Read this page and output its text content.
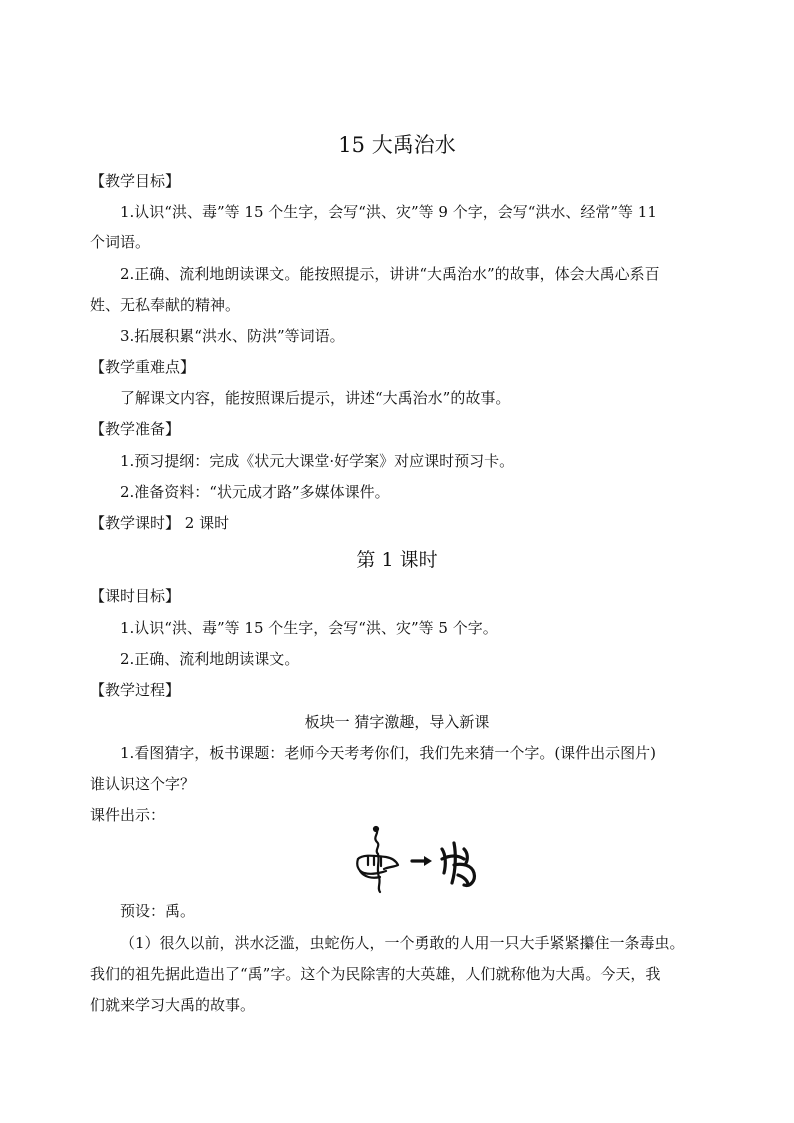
15 大禹治水
【教学目标】
1.认识“洪、毒”等 15 个生字，会写“洪、灾”等 9 个字，会写“洪水、经常”等 11
个词语。
2.正确、流利地朗读课文。能按照提示，讲讲“大禹治水”的故事，体会大禹心系百
姓、无私奉献的精神。
3.拓展积累“洪水、防洪”等词语。
【教学重难点】
了解课文内容，能按照课后提示，讲述“大禹治水”的故事。
【教学准备】
1.预习提纲：完成《状元大课堂·好学案》对应课时预习卡。
2.准备资料：“状元成才路”多媒体课件。
【教学课时】 2 课时
第 1 课时
【课时目标】
1.认识“洪、毒”等 15 个生字，会写“洪、灾”等 5 个字。
2.正确、流利地朗读课文。
【教学过程】
板块一 猜字激趣，导入新课
1.看图猜字，板书课题：老师今天考考你们，我们先来猜一个字。(课件出示图片)
谁认识这个字？
课件出示：
预设：禹。
（1）很久以前，洪水泛滥，虫蛇伤人，一个勇敢的人用一只大手紧紧攥住一条毒虫。
我们的祖先据此造出了“禹”字。这个为民除害的大英雄，人们就称他为大禹。今天，我
们就来学习大禹的故事。
